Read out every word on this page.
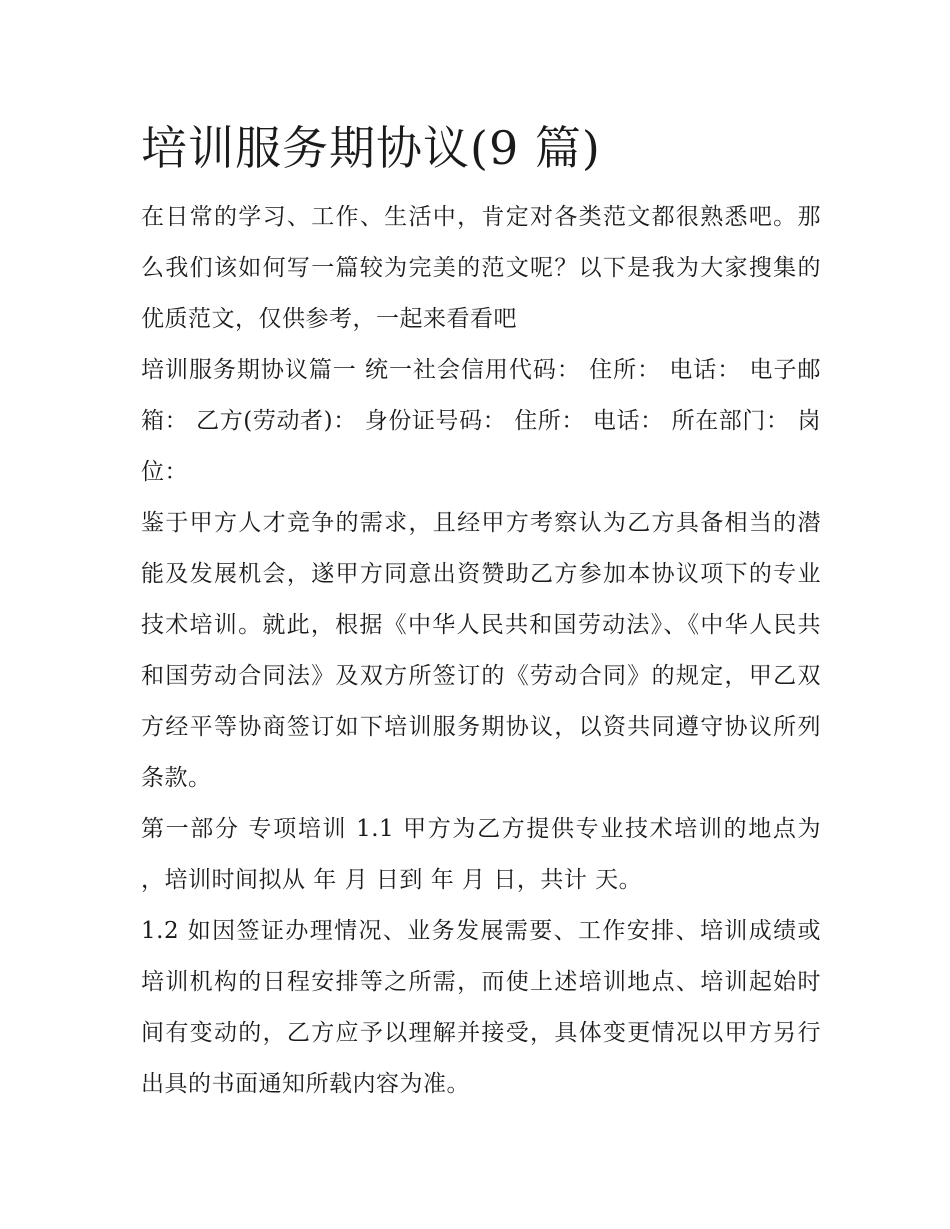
培训服务期协议(9 篇)

在日常的学习、工作、生活中，肯定对各类范文都很熟悉吧。那么我们该如何写一篇较为完美的范文呢？以下是我为大家搜集的优质范文，仅供参考，一起来看看吧

培训服务期协议篇一 统一社会信用代码： 住所： 电话： 电子邮箱： 乙方(劳动者)： 身份证号码： 住所： 电话： 所在部门： 岗位：

鉴于甲方人才竞争的需求，且经甲方考察认为乙方具备相当的潜能及发展机会，遂甲方同意出资赞助乙方参加本协议项下的专业技术培训。就此，根据《中华人民共和国劳动法》、《中华人民共和国劳动合同法》及双方所签订的《劳动合同》的规定，甲乙双方经平等协商签订如下培训服务期协议，以资共同遵守协议所列条款。

第一部分 专项培训 1.1 甲方为乙方提供专业技术培训的地点为 ，培训时间拟从 年 月 日到 年 月 日，共计 天。

1.2 如因签证办理情况、业务发展需要、工作安排、培训成绩或培训机构的日程安排等之所需，而使上述培训地点、培训起始时间有变动的，乙方应予以理解并接受，具体变更情况以甲方另行出具的书面通知所载内容为准。
